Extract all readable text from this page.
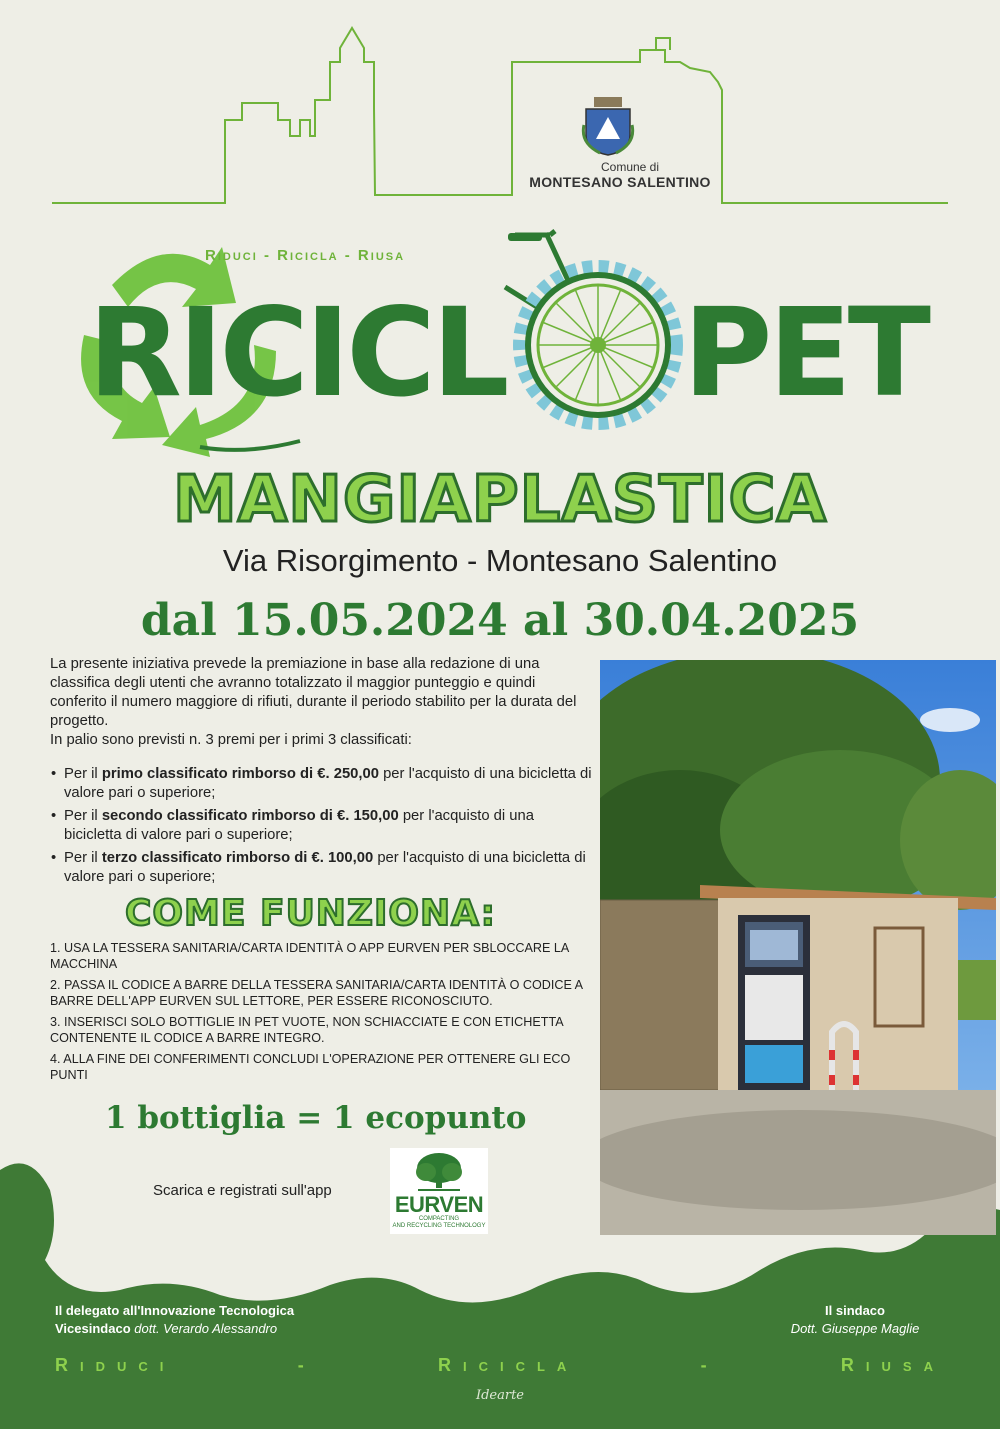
Comune di
MONTESANO SALENTINO
Riduci - Ricicla - Riusa
RICICL PET
MANGIAPLASTICA
Via Risorgimento - Montesano Salentino
dal 15.05.2024 al 30.04.2025

La presente iniziativa prevede la premiazione in base alla redazione di una classifica degli utenti che avranno totalizzato il maggior punteggio e quindi conferito il numero maggiore di rifiuti, durante il periodo stabilito per la durata del progetto.

In palio sono previsti n. 3 premi per i primi 3 classificati:

• Per il primo classificato rimborso di €. 250,00 per l'acquisto di una bicicletta di valore pari o superiore;
• Per il secondo classificato rimborso di €. 150,00 per l'acquisto di una bicicletta di valore pari o superiore;
• Per il terzo classificato rimborso di €. 100,00 per l'acquisto di una bicicletta di valore pari o superiore;
COME FUNZIONA:
1. USA LA TESSERA SANITARIA/CARTA IDENTITÀ O APP EURVEN PER SBLOCCARE LA MACCHINA
2. PASSA IL CODICE A BARRE DELLA TESSERA SANITARIA/CARTA IDENTITÀ O CODICE A BARRE DELL'APP EURVEN SUL LETTORE, PER ESSERE RICONOSCIUTO.
3. INSERISCI SOLO BOTTIGLIE IN PET VUOTE, NON SCHIACCIATE E CON ETICHETTA CONTENENTE IL CODICE A BARRE INTEGRO.
4. ALLA FINE DEI CONFERIMENTI CONCLUDI L'OPERAZIONE PER OTTENERE GLI ECO PUNTI
1 bottiglia = 1 ecopunto
Scarica e registrati sull'app
EURVEN
COMPACTING
AND RECYCLING TECHNOLOGY
Il delegato all'Innovazione Tecnologica
Vicesindaco dott. Verardo Alessandro
Il sindaco
Dott. Giuseppe Maglie
Riduci	-	Ricicla	-	Riusa
Idearte
